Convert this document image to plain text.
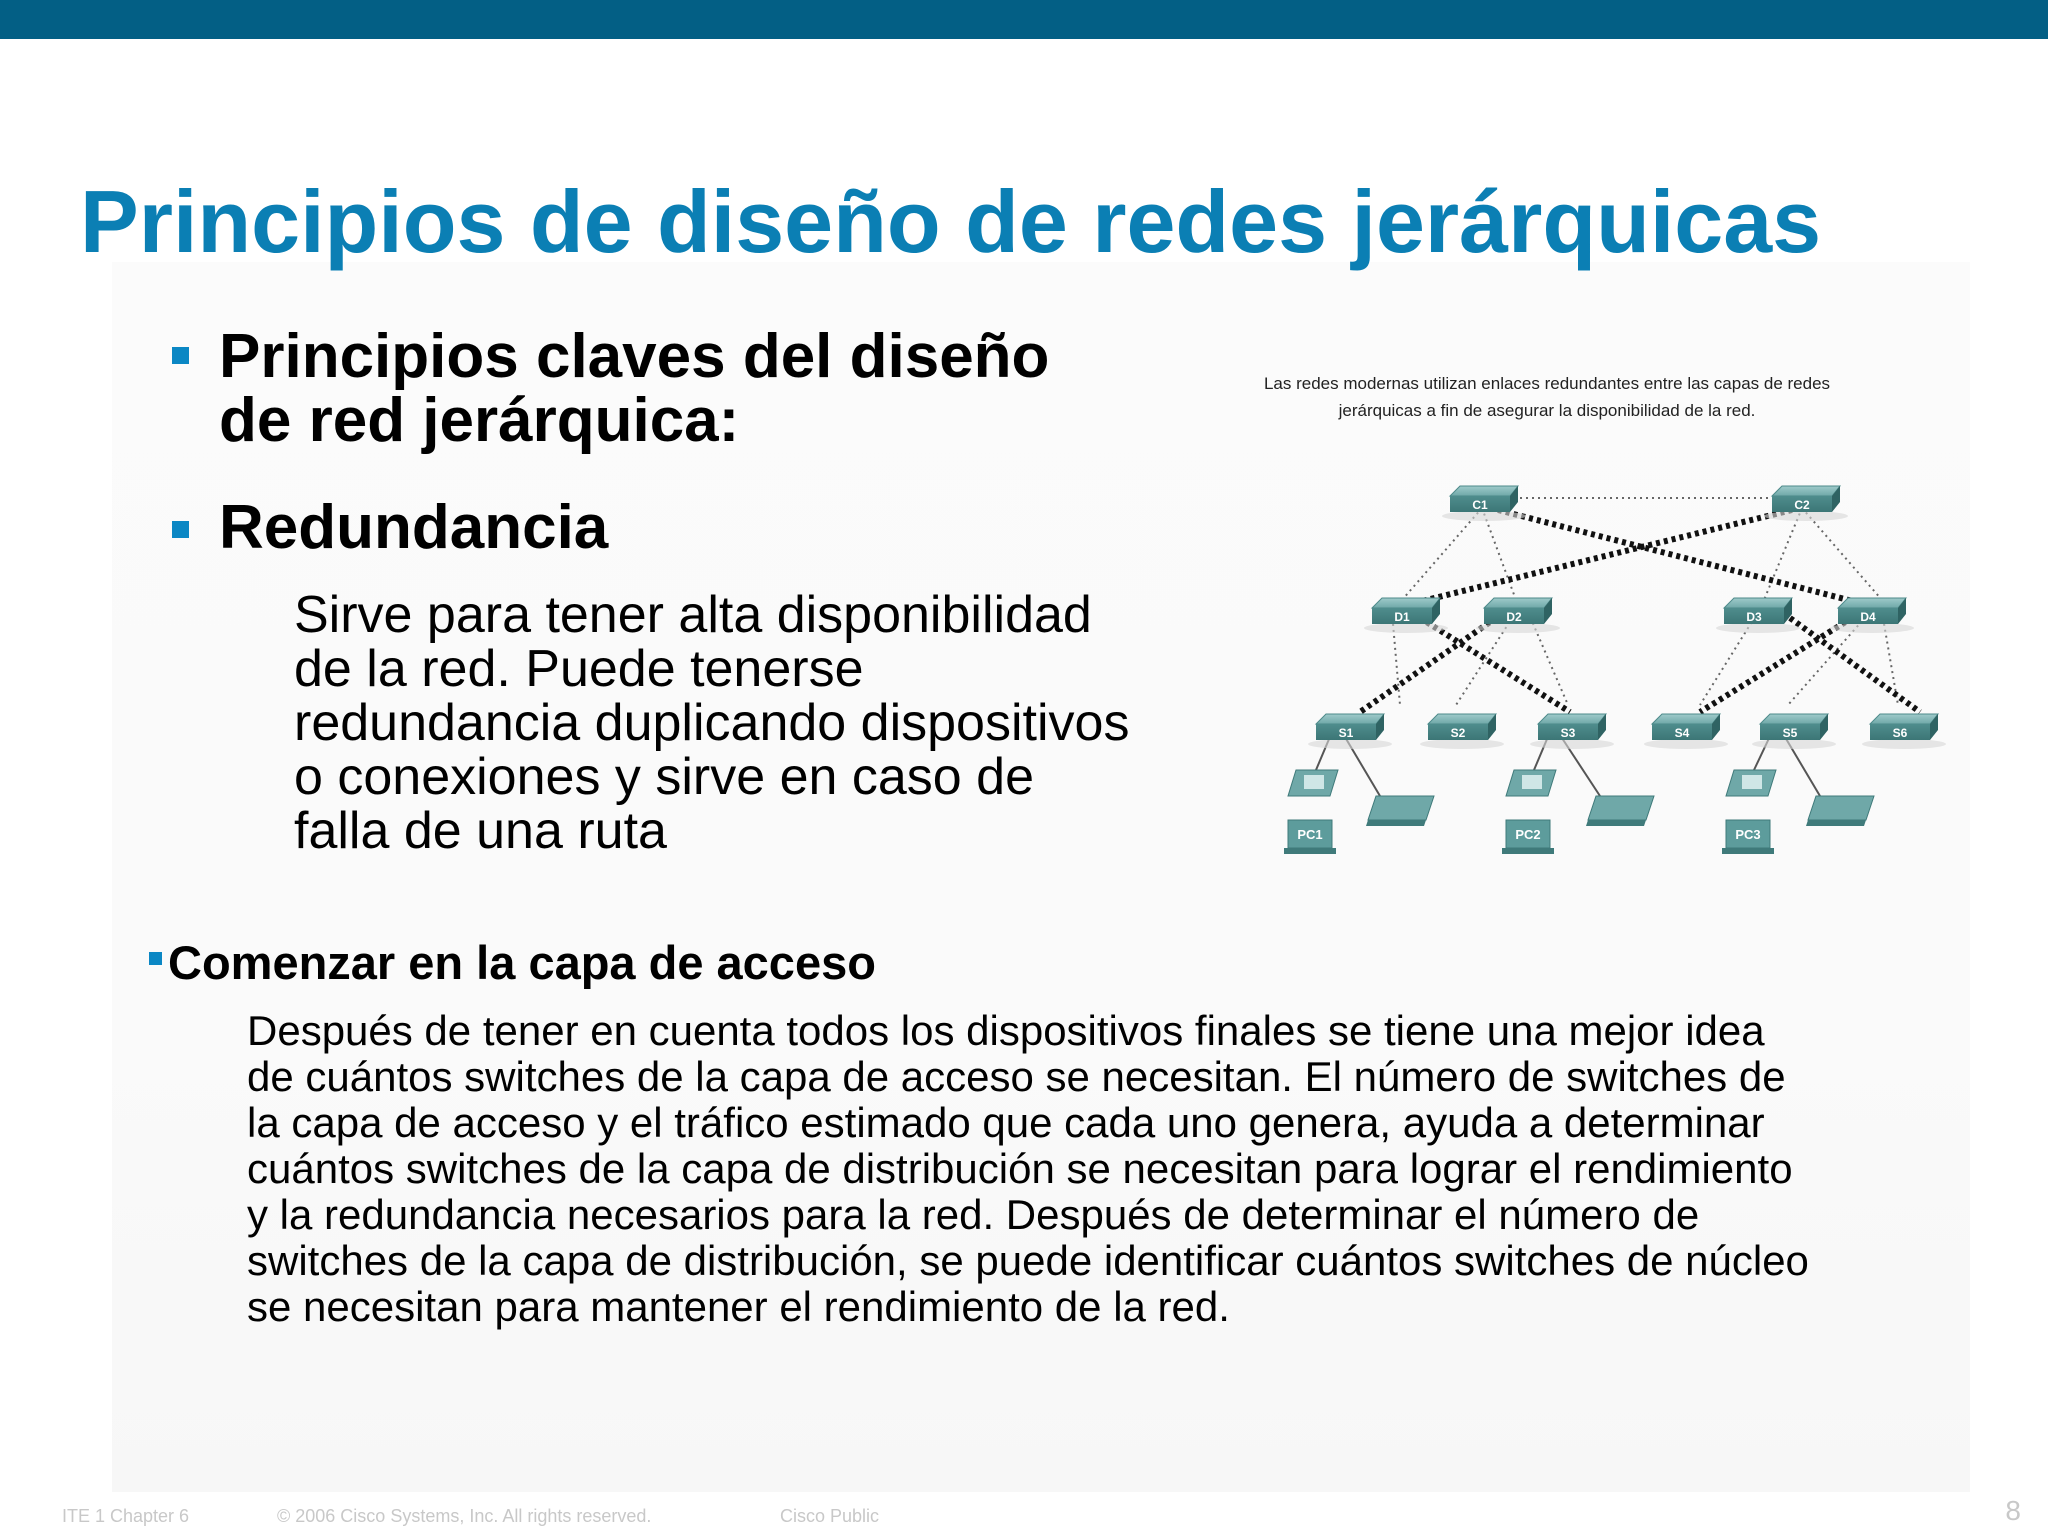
Principios de diseño de redes jerárquicas

Principios claves del diseño
de red jerárquica:

Redundancia

Sirve para tener alta disponibilidad
de la red. Puede tenerse
redundancia duplicando dispositivos
o conexiones y sirve en caso de
falla de una ruta
Las redes modernas utilizan enlaces redundantes entre las capas de redes
jerárquicas a fin de asegurar la disponibilidad de la red.
C1	C2
D1	D2	D3	D4
S1	S2	S3	S4	S5	S6
PC1	PC2	PC3

Comenzar en la capa de acceso

Después de tener en cuenta todos los dispositivos finales se tiene una mejor idea
de cuántos switches de la capa de acceso se necesitan. El número de switches de
la capa de acceso y el tráfico estimado que cada uno genera, ayuda a determinar
cuántos switches de la capa de distribución se necesitan para lograr el rendimiento
y la redundancia necesarios para la red. Después de determinar el número de
switches de la capa de distribución, se puede identificar cuántos switches de núcleo
se necesitan para mantener el rendimiento de la red.
ITE 1 Chapter 6	© 2006 Cisco Systems, Inc. All rights reserved.	Cisco Public	8
